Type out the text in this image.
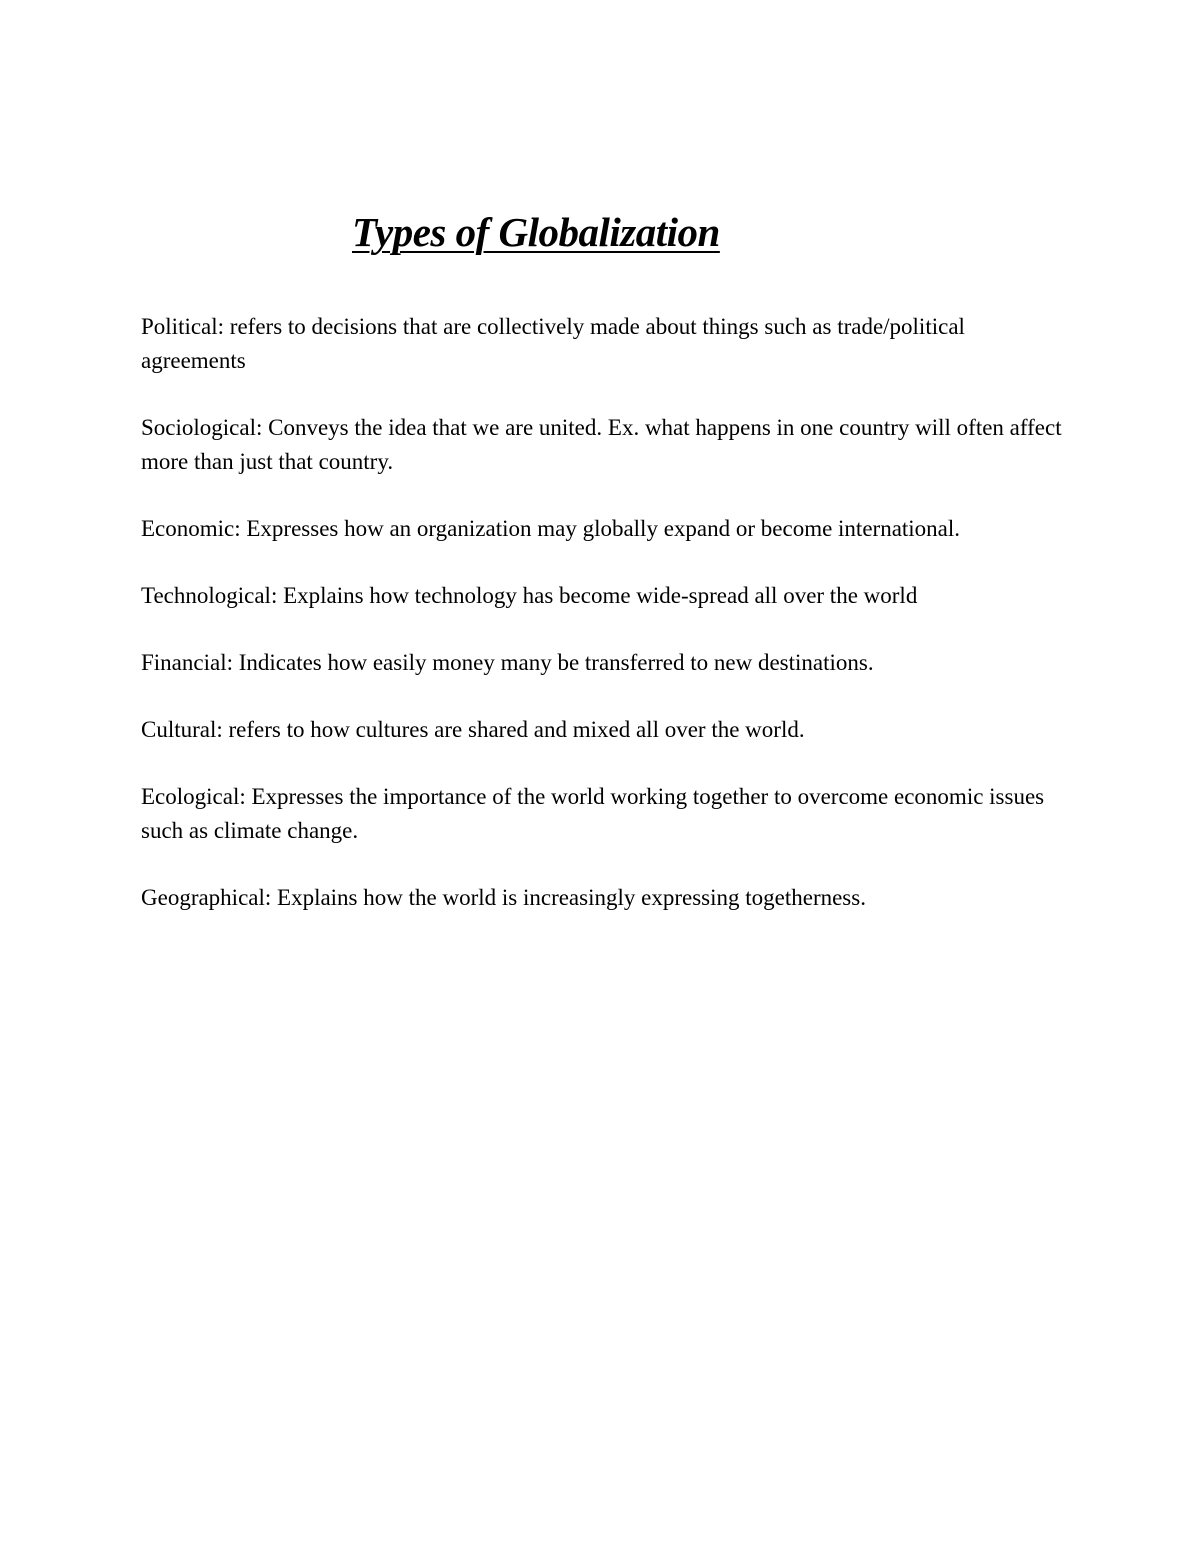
Types of Globalization

Political: refers to decisions that are collectively made about things such as trade/political agreements

Sociological: Conveys the idea that we are united. Ex. what happens in one country will often affect more than just that country.

Economic: Expresses how an organization may globally expand or become international.

Technological: Explains how technology has become wide-spread all over the world

Financial: Indicates how easily money many be transferred to new destinations.

Cultural: refers to how cultures are shared and mixed all over the world.

Ecological: Expresses the importance of the world working together to overcome economic issues such as climate change.

Geographical: Explains how the world is increasingly expressing togetherness.
